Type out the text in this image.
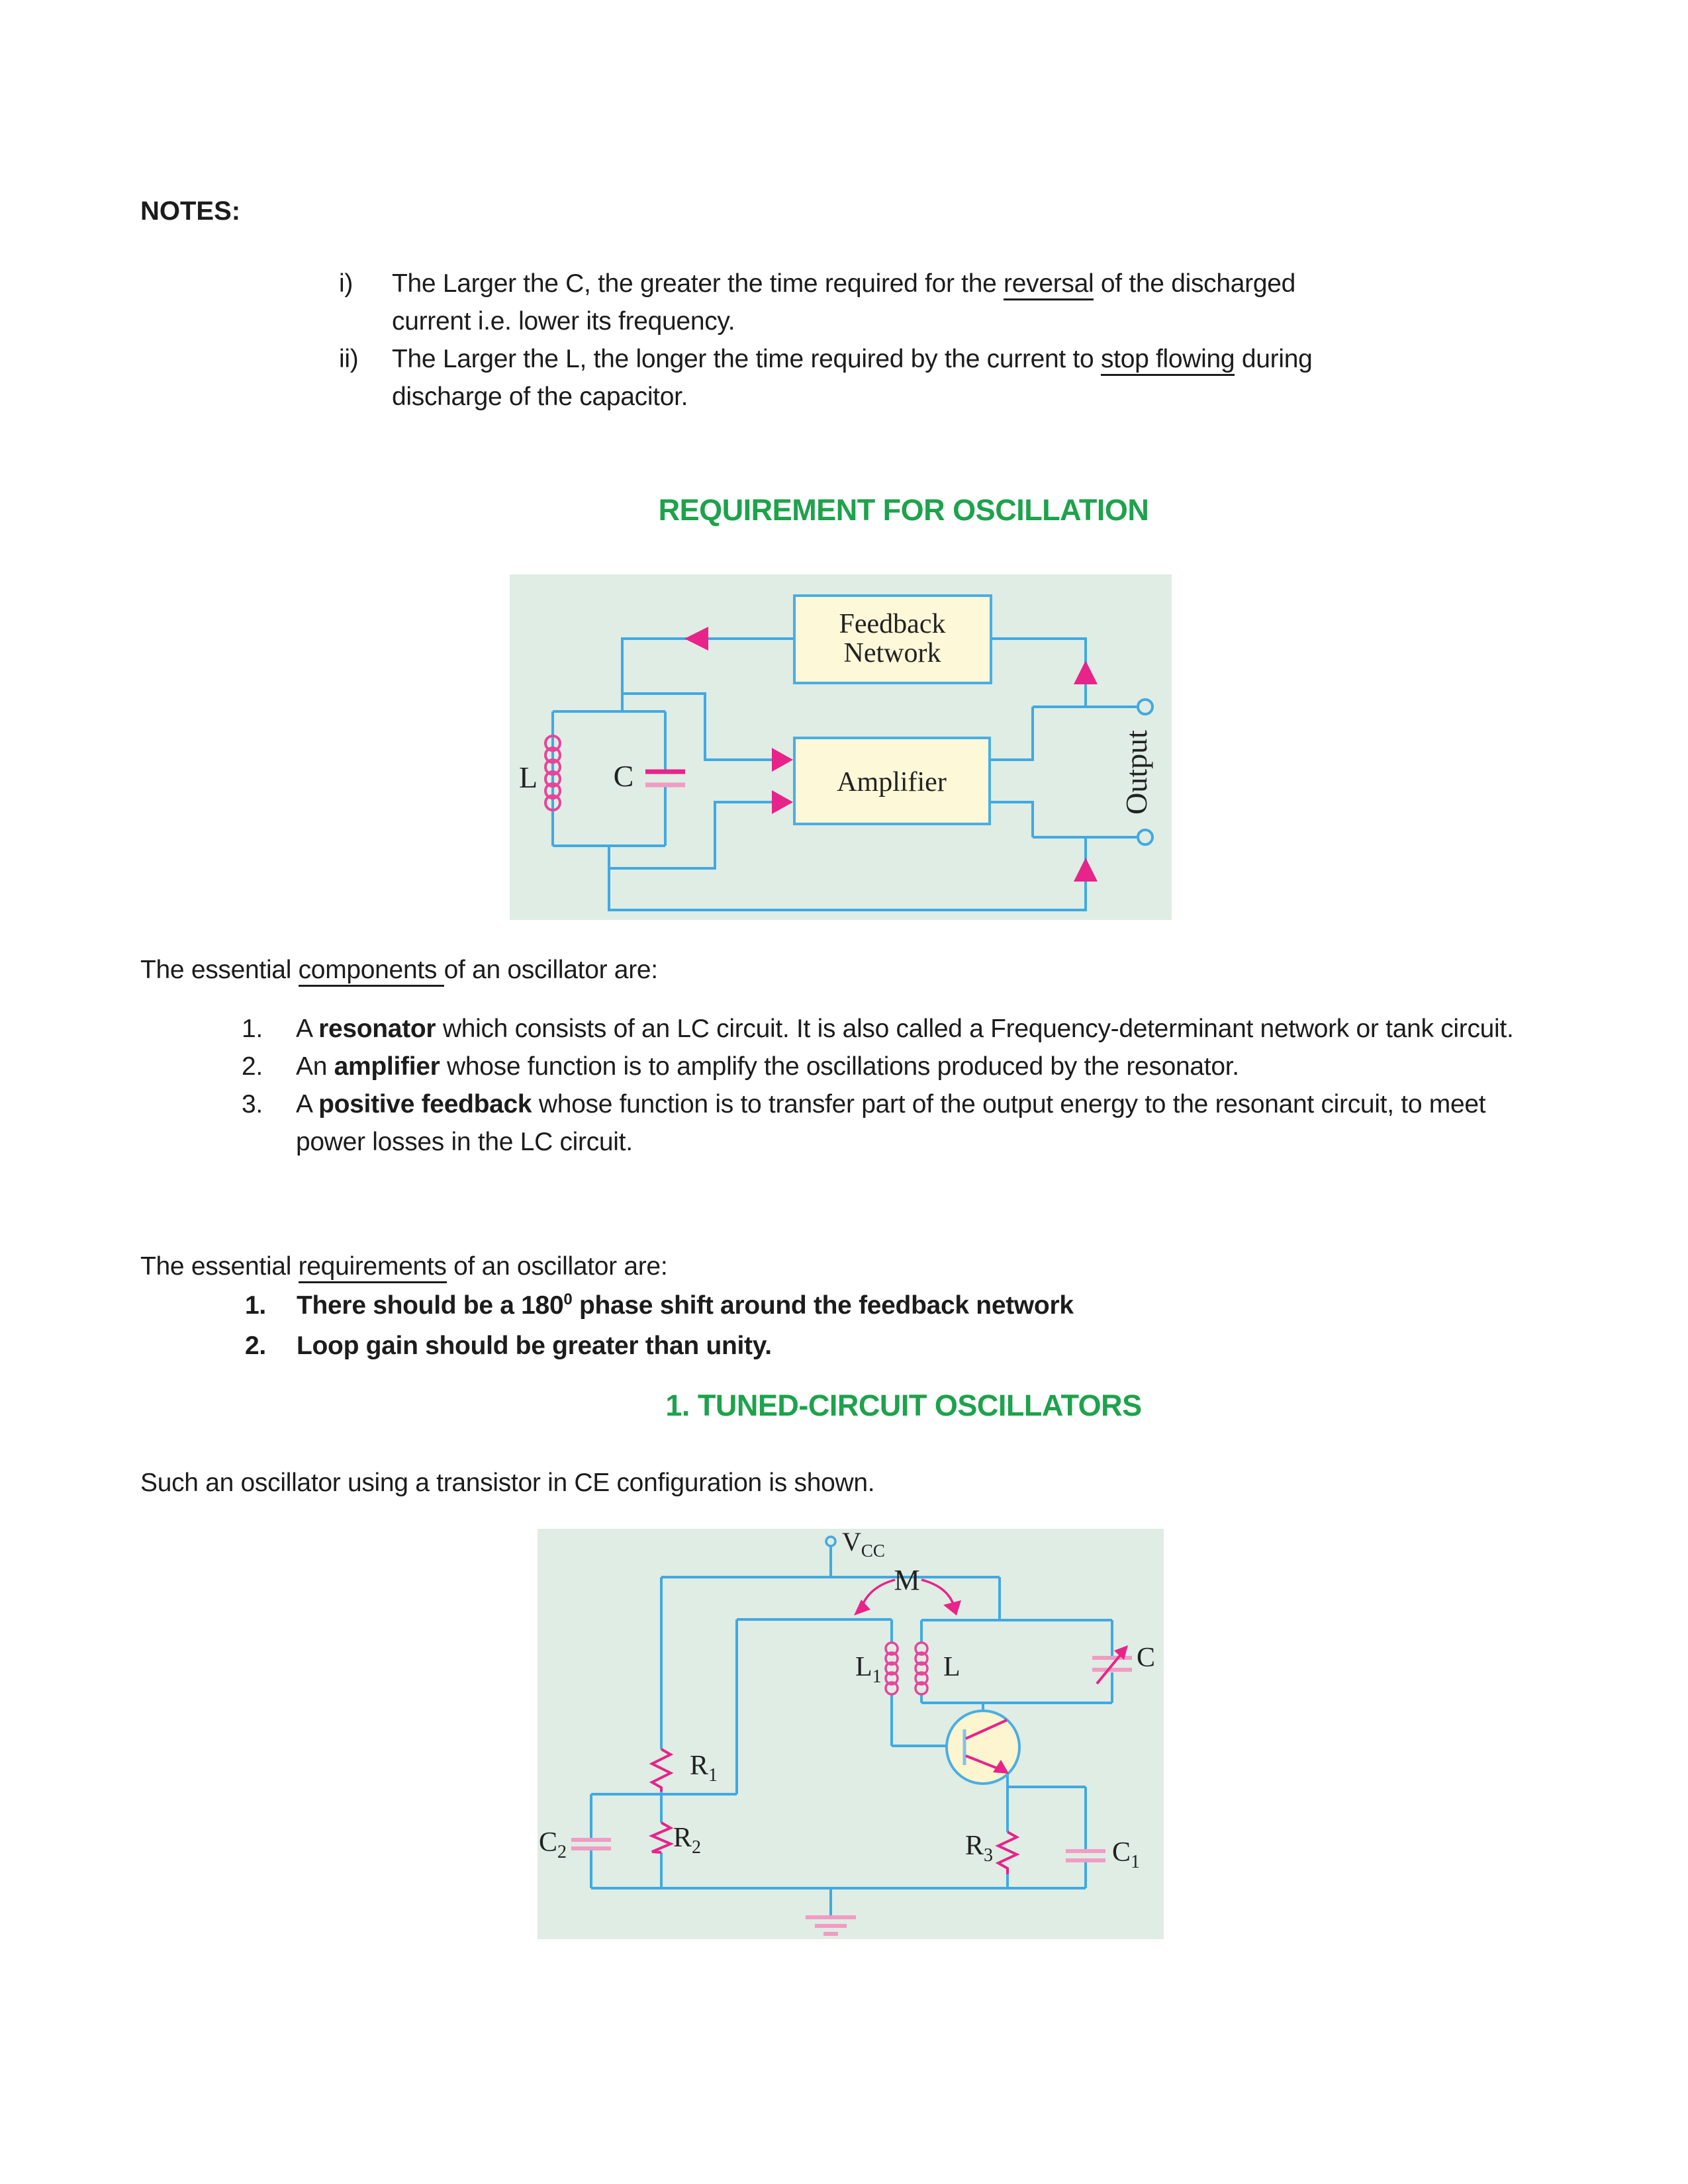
NOTES:
i)	The Larger the C, the greater the time required for the reversal of the discharged current i.e. lower its frequency.
ii)	The Larger the L, the longer the time required by the current to stop flowing during discharge of the capacitor.
REQUIREMENT FOR OSCILLATION
Feedback
Network
Amplifier
L C	Output
The essential components of an oscillator are:
1.	A resonator which consists of an LC circuit. It is also called a Frequency-determinant network or tank circuit.
2.	An amplifier whose function is to amplify the oscillations produced by the resonator.
3.	A positive feedback whose function is to transfer part of the output energy to the resonant circuit, to meet power losses in the LC circuit.
The essential requirements of an oscillator are:
1.	There should be a $180^0$ phase shift around the feedback network
2.	Loop gain should be greater than unity.
1. TUNED-CIRCUIT OSCILLATORS
Such an oscillator using a transistor in CE configuration is shown.
$V_{CC}$
M
$L_1$ L	C
$R_1$
$R_2$
$C_2$	$R_3$	$C_1$
